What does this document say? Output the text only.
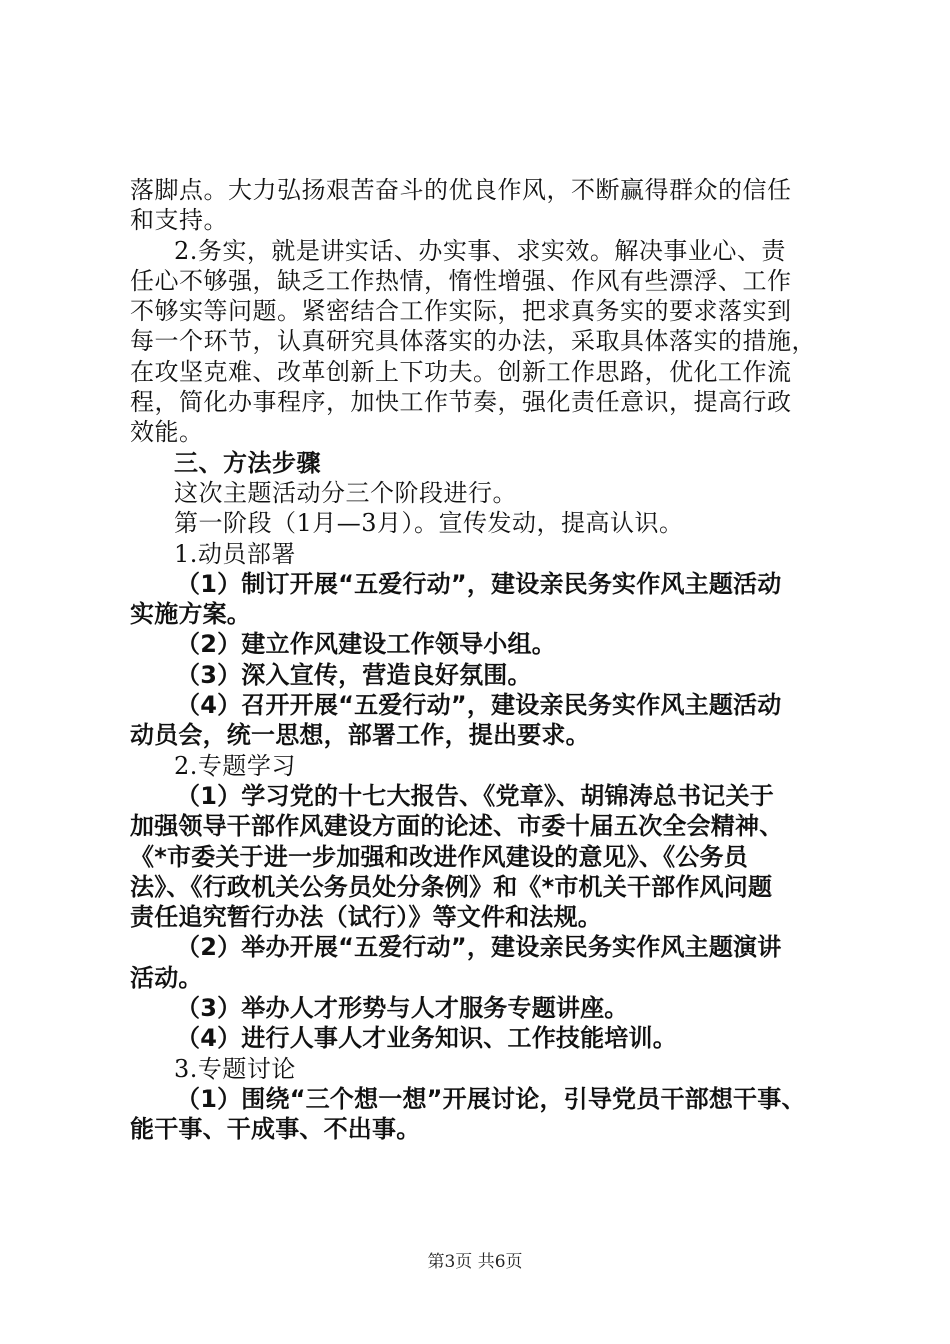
落脚点。大力弘扬艰苦奋斗的优良作风，不断赢得群众的信任
和支持。
2.务实，就是讲实话、办实事、求实效。解决事业心、责
任心不够强，缺乏工作热情，惰性增强、作风有些漂浮、工作
不够实等问题。紧密结合工作实际，把求真务实的要求落实到
每一个环节，认真研究具体落实的办法，采取具体落实的措施，
在攻坚克难、改革创新上下功夫。创新工作思路，优化工作流
程，简化办事程序，加快工作节奏，强化责任意识，提高行政
效能。
三、方法步骤
这次主题活动分三个阶段进行。
第一阶段（1月—3月）。宣传发动，提高认识。
1.动员部署
（1）制订开展“五爱行动”，建设亲民务实作风主题活动
实施方案。
（2）建立作风建设工作领导小组。
（3）深入宣传，营造良好氛围。
（4）召开开展“五爱行动”，建设亲民务实作风主题活动
动员会，统一思想，部署工作，提出要求。
2.专题学习
（1）学习党的十七大报告、《党章》、胡锦涛总书记关于
加强领导干部作风建设方面的论述、市委十届五次全会精神、
《*市委关于进一步加强和改进作风建设的意见》、《公务员
法》、《行政机关公务员处分条例》和《*市机关干部作风问题
责任追究暂行办法（试行）》等文件和法规。
（2）举办开展“五爱行动”，建设亲民务实作风主题演讲
活动。
（3）举办人才形势与人才服务专题讲座。
（4）进行人事人才业务知识、工作技能培训。
3.专题讨论
（1）围绕“三个想一想”开展讨论，引导党员干部想干事、
能干事、干成事、不出事。
第3页 共6页
